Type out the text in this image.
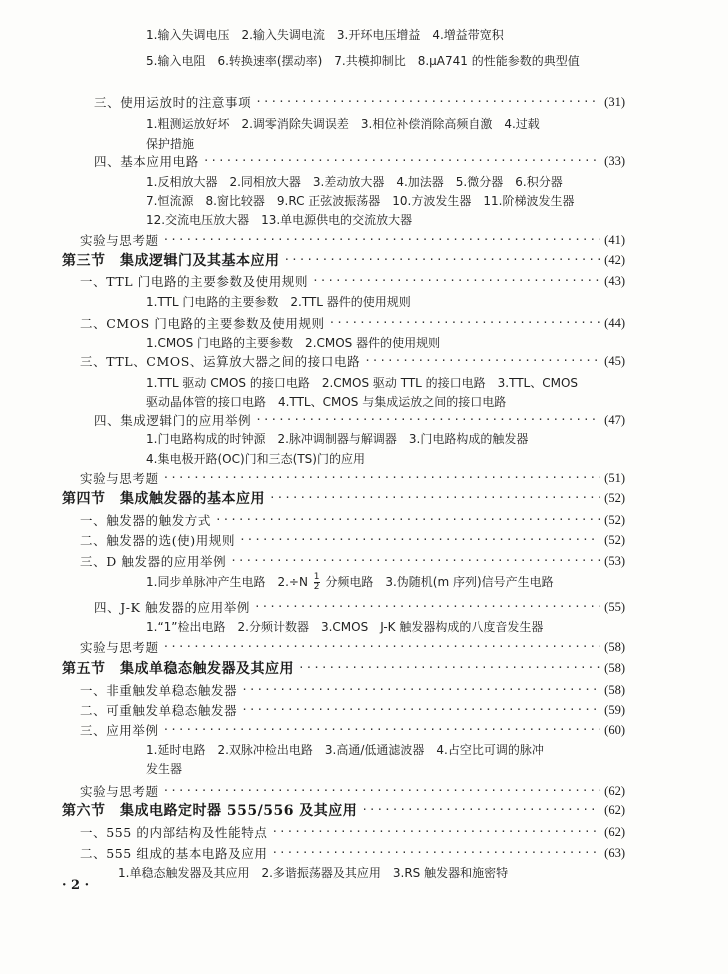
1.输入失调电压　2.输入失调电流　3.开环电压增益　4.增益带宽积
5.输入电阻　6.转换速率(摆动率)　7.共模抑制比　8.μA741 的性能参数的典型值
三、使用运放时的注意事项 ·····	(31)
1.粗测运放好坏　2.调零消除失调误差　3.相位补偿消除高频自激　4.过载
保护措施
四、基本应用电路 ·····	(33)
1.反相放大器　2.同相放大器　3.差动放大器　4.加法器　5.微分器　6.积分器
7.恒流源　8.窗比较器　9.RC 正弦波振荡器　10.方波发生器　11.阶梯波发生器
12.交流电压放大器　13.单电源供电的交流放大器
实验与思考题 ·····	(41)
第三节　集成逻辑门及其基本应用 ·····	(42)
一、TTL 门电路的主要参数及使用规则 ·····	(43)
1.TTL 门电路的主要参数　2.TTL 器件的使用规则
二、CMOS 门电路的主要参数及使用规则 ·····	(44)
1.CMOS 门电路的主要参数　2.CMOS 器件的使用规则
三、TTL、CMOS、运算放大器之间的接口电路 ·····	(45)
1.TTL 驱动 CMOS 的接口电路　2.CMOS 驱动 TTL 的接口电路　3.TTL、CMOS
驱动晶体管的接口电路　4.TTL、CMOS 与集成运放之间的接口电路
四、集成逻辑门的应用举例 ·····	(47)
1.门电路构成的时钟源　2.脉冲调制器与解调器　3.门电路构成的触发器
4.集电极开路(OC)门和三态(TS)门的应用
实验与思考题 ·····	(51)
第四节　集成触发器的基本应用 ·····	(52)
一、触发器的触发方式 ·····	(52)
二、触发器的选(使)用规则 ·····	(52)
三、D 触发器的应用举例 ·····	(53)
1.同步单脉冲产生电路　$2.\div N \frac{1}{2}$ 分频电路　3.伪随机(m 序列)信号产生电路
四、J-K 触发器的应用举例 ·····	(55)
1.“1”检出电路　2.分频计数器　3.CMOS　J-K 触发器构成的八度音发生器
实验与思考题 ·····	(58)
第五节　集成单稳态触发器及其应用 ·····	(58)
一、非重触发单稳态触发器 ·····	(58)
二、可重触发单稳态触发器 ·····	(59)
三、应用举例 ·····	(60)
1.延时电路　2.双脉冲检出电路　3.高通/低通滤波器　4.占空比可调的脉冲
发生器
实验与思考题 ·····	(62)
第六节　集成电路定时器 555/556 及其应用 ·····	(62)
一、555 的内部结构及性能特点 ·····	(62)
二、555 组成的基本电路及应用 ·····	(63)
1.单稳态触发器及其应用　2.多谐振荡器及其应用　3.RS 触发器和施密特
· 2 ·
